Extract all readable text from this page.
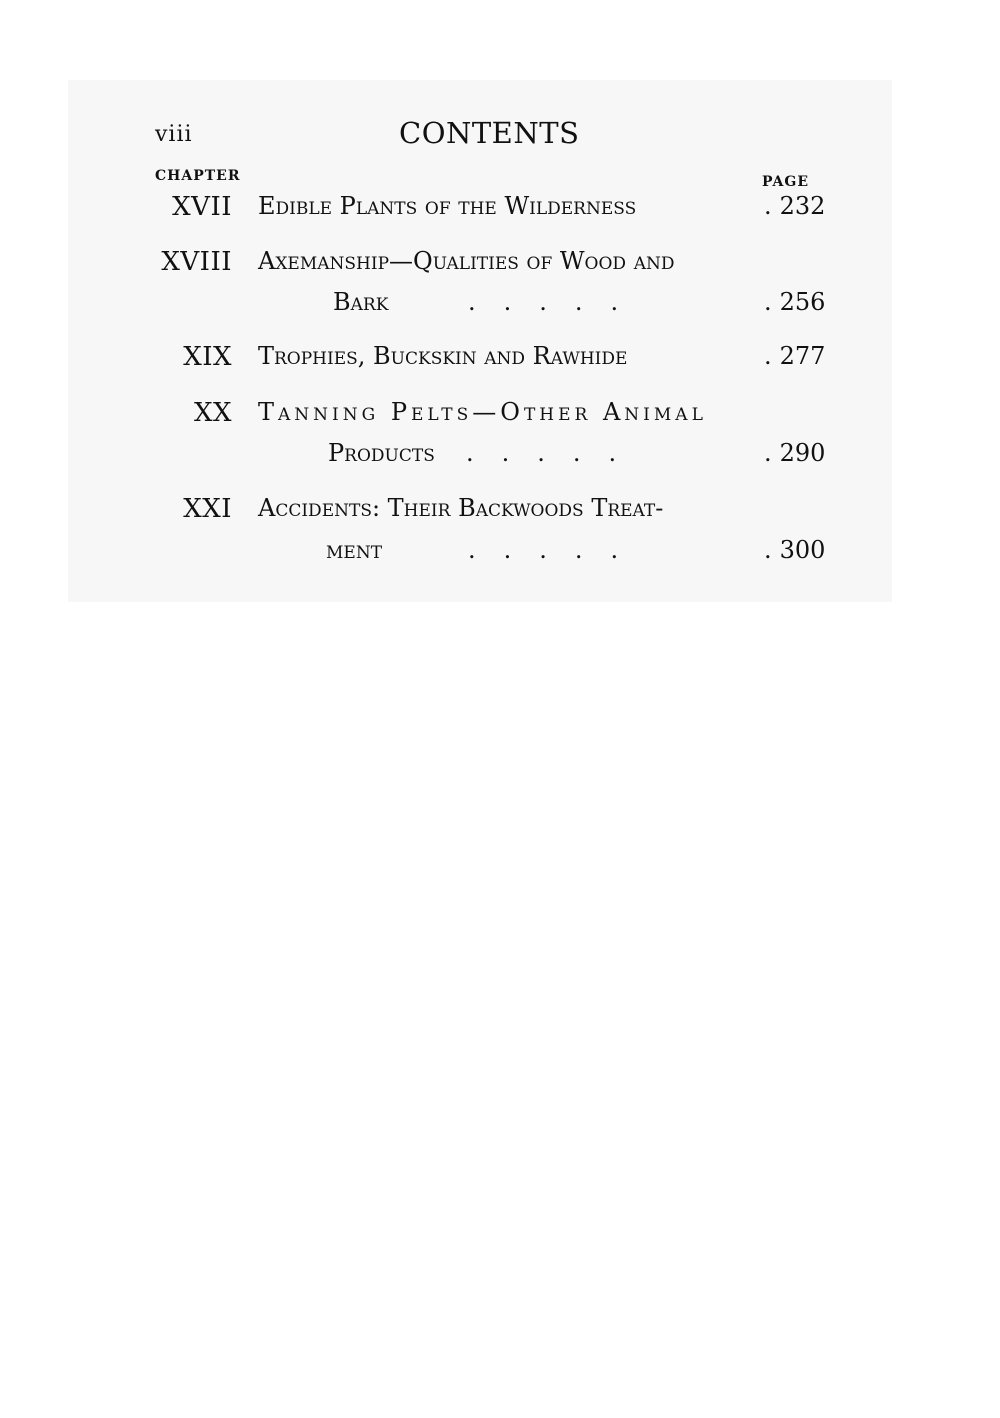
viii	CONTENTS
CHAPTER	PAGE
XVII Edible Plants of the Wilderness	. 232
XVIII Axemanship—Qualities of Wood and
Bark	.....	. 256
XIX Trophies, Buckskin and Rawhide	. 277
XX Tanning Pelts—Other Animal
Products .....	. 290
XXI Accidents: Their Backwoods Treat-
ment	.....	. 300
